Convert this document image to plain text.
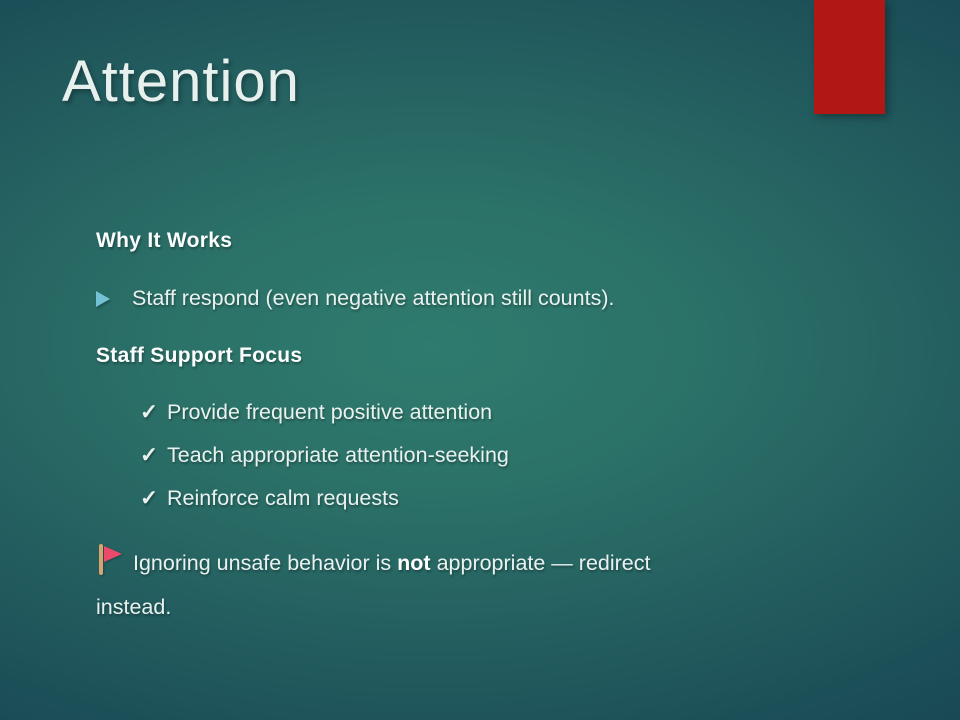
Attention
Why It Works
Staff respond (even negative attention still counts).
Staff Support Focus
✓ Provide frequent positive attention
✓ Teach appropriate attention-seeking
✓ Reinforce calm requests
Ignoring unsafe behavior is not appropriate — redirect
instead.
